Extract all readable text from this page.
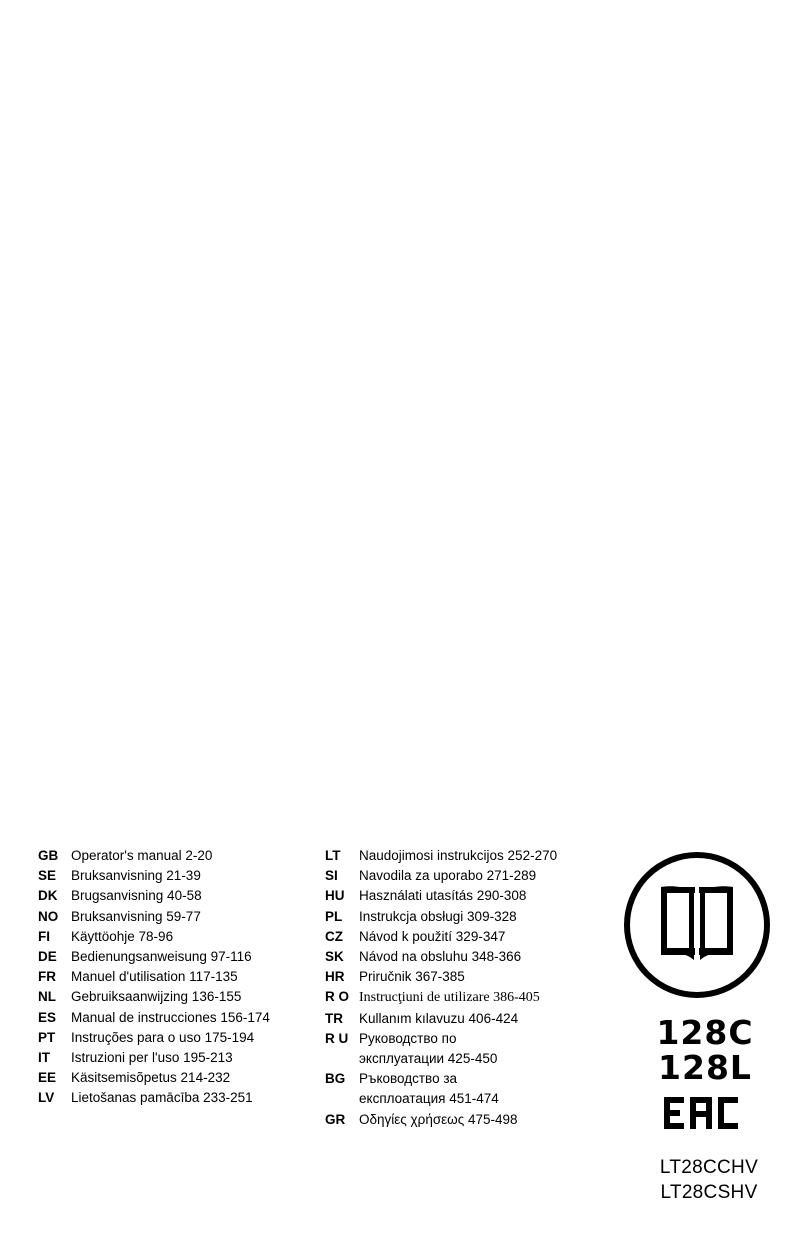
GB Operator's manual 2-20
SE	Bruksanvisning 21-39
DK	Brugsanvisning 40-58
NO Bruksanvisning 59-77
FI	Käyttöohje 78-96
DE	Bedienungsanweisung 97-116
FR	Manuel d'utilisation 117-135
NL	Gebruiksaanwijzing 136-155
ES	Manual de instrucciones 156-174
PT	Instruções para o uso 175-194
IT	Istruzioni per l'uso 195-213
EE	Käsitsemisõpetus 214-232
LV	Lietošanas pamācība 233-251
LT	Naudojimosi instrukcijos 252-270
SI	Navodila za uporabo 271-289
HU	Használati utasítás 290-308
PL	Instrukcja obsługi 309-328
CZ	Návod k použití 329-347
SK	Návod na obsluhu 348-366
HR	Priručnik 367-385
R O Instrucţiuni de utilizare 386-405
TR	Kullanım kılavuzu 406-424
R U Руководство по
эксплуатации 425-450
BG	Ръководство за
експлоатация 451-474
GR	Οδηγίες χρήσεως 475-498
128C
128L
LT28CCHV
LT28CSHV
